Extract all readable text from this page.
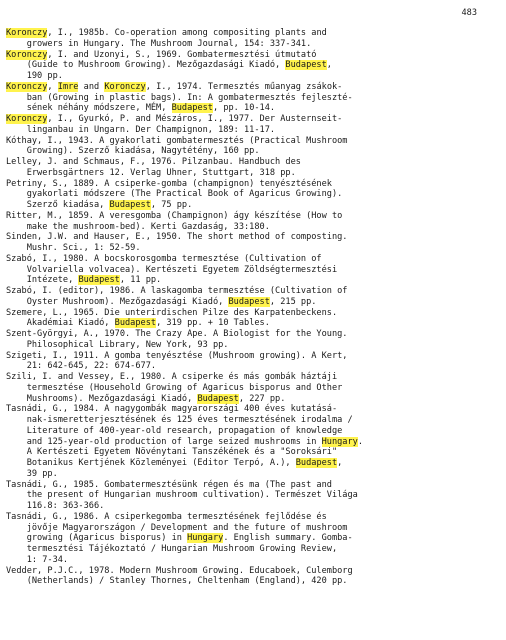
483
Koronczy, I., 1985b. Co-operation among compositing plants and
growers in Hungary. The Mushroom Journal, 154: 337-341.
Koronczy, I. and Uzonyi, S., 1969. Gombatermesztési útmutató
(Guide to Mushroom Growing). Mezőgazdasági Kiadó, Budapest,
190 pp.
Koronczy, Imre and Koronczy, I., 1974. Termesztés műanyag zsákok-
ban (Growing in plastic bags). In: A gombatermesztés fejleszté-
sének néhány módszere, MÉM, Budapest, pp. 10-14.
Koronczy, I., Gyurkó, P. and Mészáros, I., 1977. Der Austernseit-
linganbau in Ungarn. Der Champignon, 189: 11-17.
Kóthay, I., 1943. A gyakorlati gombatermesztés (Practical Mushroom
Growing). Szerző kiadása, Nagytétény, 160 pp.
Lelley, J. and Schmaus, F., 1976. Pilzanbau. Handbuch des
Erwerbsgärtners 12. Verlag Uhner, Stuttgart, 318 pp.
Petriny, S., 1889. A csiperke-gomba (champignon) tenyésztésének
gyakorlati módszere (The Practical Book of Agaricus Growing).
Szerző kiadása, Budapest, 75 pp.
Ritter, M., 1859. A veresgomba (Champignon) ágy készítése (How to
make the mushroom-bed). Kerti Gazdaság, 33:180.
Sinden, J.W. and Hauser, E., 1950. The short method of composting.
Mushr. Sci., 1: 52-59.
Szabó, I., 1980. A bocskorosgomba termesztése (Cultivation of
Volvariella volvacea). Kertészeti Egyetem Zöldségtermesztési
Intézete, Budapest, 11 pp.
Szabó, I. (editor), 1986. A laskagomba termesztése (Cultivation of
Oyster Mushroom). Mezőgazdasági Kiadó, Budapest, 215 pp.
Szemere, L., 1965. Die unterirdischen Pilze des Karpatenbeckens.
Akadémiai Kiadó, Budapest, 319 pp. + 10 Tables.
Szent-Györgyi, A., 1970. The Crazy Ape. A Biologist for the Young.
Philosophical Library, New York, 93 pp.
Szigeti, I., 1911. A gomba tenyésztése (Mushroom growing). A Kert,
21: 642-645, 22: 674-677.
Szili, I. and Vessey, E., 1980. A csiperke és más gombák háztáji
termesztése (Household Growing of Agaricus bisporus and Other
Mushrooms). Mezőgazdasági Kiadó, Budapest, 227 pp.
Tasnádi, G., 1984. A nagygombák magyarországi 400 éves kutatásá-
nak-ismeretterjesztésének és 125 éves termesztésének irodalma /
Literature of 400-year-old research, propagation of knowledge
and 125-year-old production of large seized mushrooms in Hungary.
A Kertészeti Egyetem Növénytani Tanszékének és a "Soroksári"
Botanikus Kertjének Közleményei (Editor Terpó, A.), Budapest,
39 pp.
Tasnádi, G., 1985. Gombatermesztésünk régen és ma (The past and
the present of Hungarian mushroom cultivation). Természet Világa
116.8: 363-366.
Tasnádi, G., 1986. A csiperkegomba termesztésének fejlődése és
jövője Magyarországon / Development and the future of mushroom
growing (Agaricus bisporus) in Hungary. English summary. Gomba-
termesztési Tájékoztató / Hungarian Mushroom Growing Review,
1: 7-34.
Vedder, P.J.C., 1978. Modern Mushroom Growing. Educaboek, Culemborg
(Netherlands) / Stanley Thornes, Cheltenham (England), 420 pp.
